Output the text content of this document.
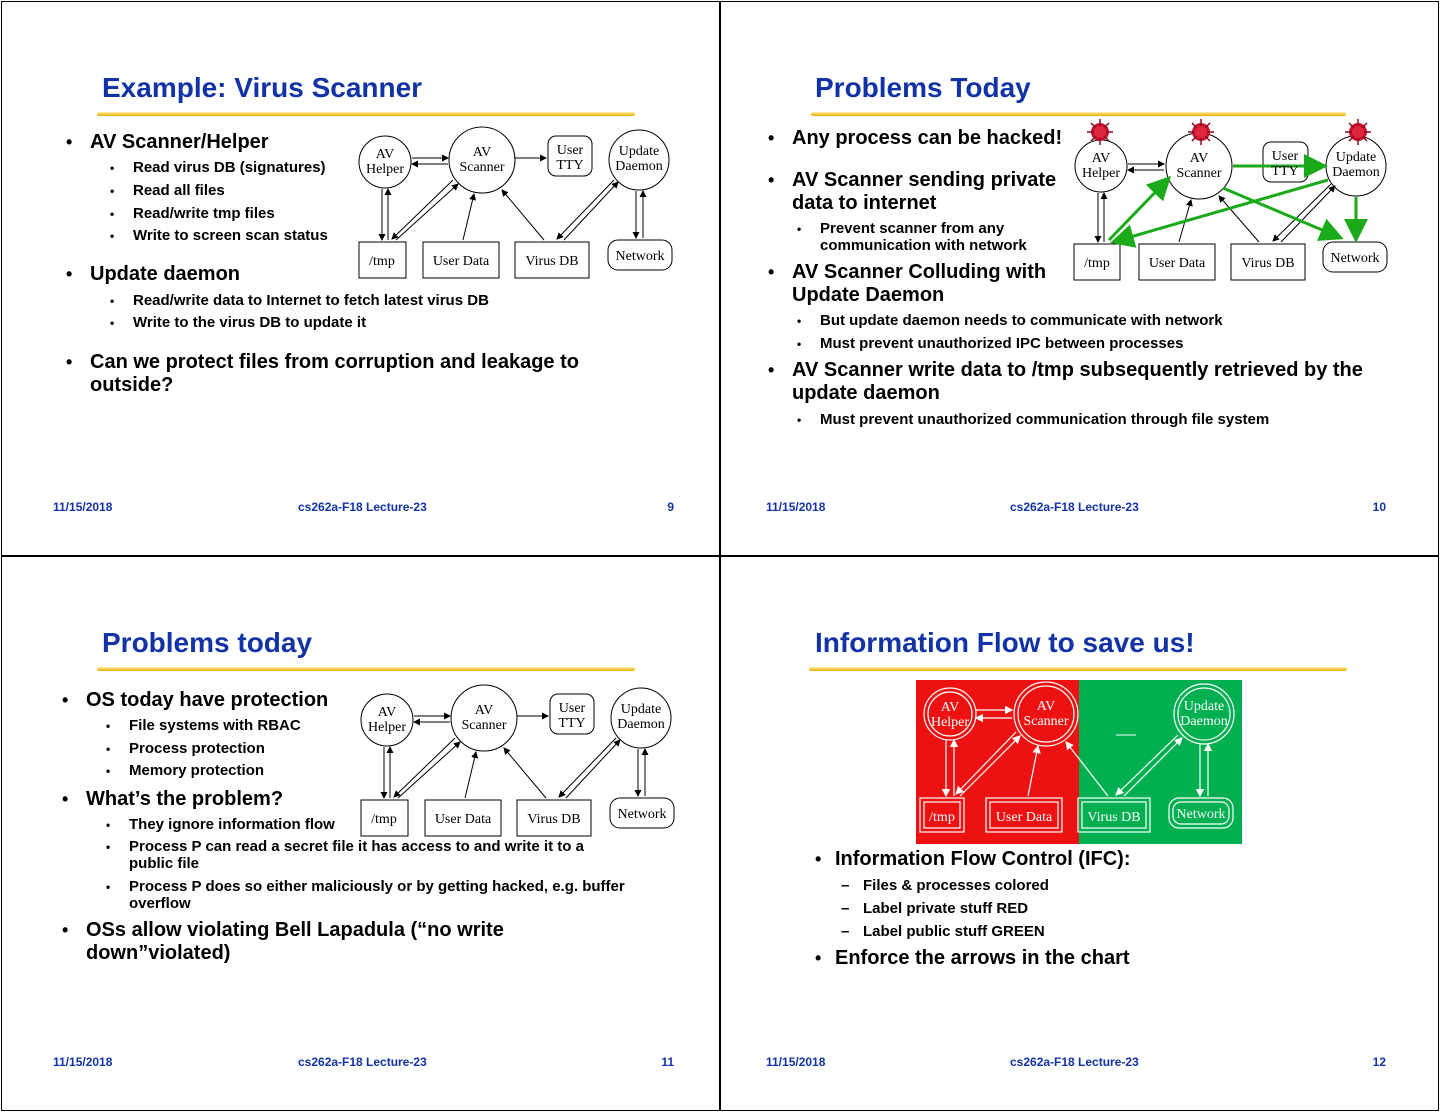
Example: Virus Scanner
• AV Scanner/Helper
• Read virus DB (signatures)
• Read all files
• Read/write tmp files
• Write to screen scan status
• Update daemon
• Read/write data to Internet to fetch latest virus DB
• Write to the virus DB to update it
• Can we protect files from corruption and leakage to outside?
AV
Helper
AV
Scanner
User
TTY
Update
Daemon
/tmp	User Data	Virus DB	Network
11/15/2018	cs262a-F18 Lecture-23	9
Problems Today
• Any process can be hacked!
• AV Scanner sending private data to internet
• Prevent scanner from any communication with network
• AV Scanner Colluding with Update Daemon
• But update daemon needs to communicate with network
• Must prevent unauthorized IPC between processes
• AV Scanner write data to /tmp subsequently retrieved by the update daemon
• Must prevent unauthorized communication through file system
AV
Helper
AV
Scanner
User
TTY
Update
Daemon
/tmp	User Data	Virus DB	Network
11/15/2018	cs262a-F18 Lecture-23	10
Problems today
• OS today have protection
• File systems with RBAC
• Process protection
• Memory protection
• What’s the problem?
• They ignore information flow
• Process P can read a secret file it has access to and write it to a public file
• Process P does so either maliciously or by getting hacked, e.g. buffer overflow
• OSs allow violating Bell Lapadula (“no write down”violated)
AV
Helper
AV
Scanner
User
TTY
Update
Daemon
/tmp	User Data	Virus DB	Network
11/15/2018	cs262a-F18 Lecture-23	11
Information Flow to save us!
AV
Helper
AV
Scanner
Update
Daemon
/tmp	User Data	Virus DB	Network
• Information Flow Control (IFC):
– Files & processes colored
– Label private stuff RED
– Label public stuff GREEN
• Enforce the arrows in the chart
11/15/2018	cs262a-F18 Lecture-23	12
